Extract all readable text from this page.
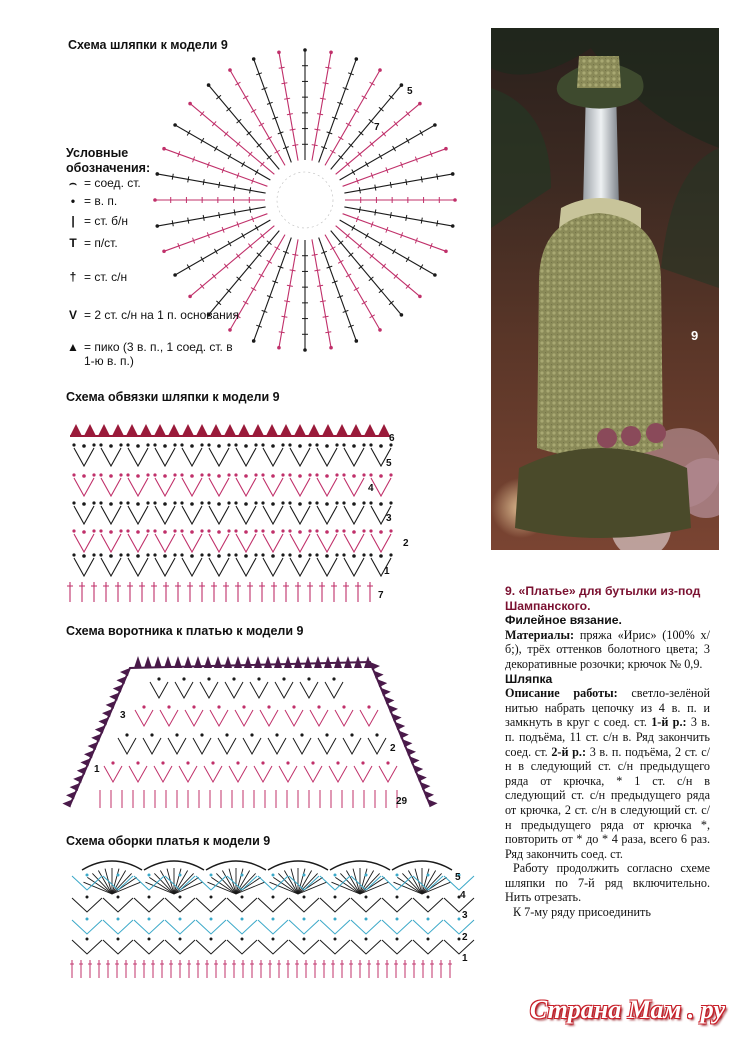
Схема шляпки к модели 9
Схема обвязки шляпки к модели 9
Схема воротника к платью к модели 9
Схема оборки платья к модели 9
5
7
Условные обозначения:
⌢ = соед. ст.
• = в. п.
| = ст. б/н
T = п/ст.
† = ст. с/н
V = 2 ст. с/н на 1 п. основания
▲ = пико (3 в. п., 1 соед. ст. в
1-ю в. п.)
6
5
4
3
2
1
7
1
3
2
29
5
4
3
2
1
9

9. «Платье» для бутылки из-под Шампанского.

Филейное вязание.

Материалы: пряжа «Ирис» (100% х/б;), трёх оттенков болотного цвета; 3 декоративные розочки; крючок № 0,9.

Шляпка

Описание работы: светло-зелёной нитью набрать цепочку из 4 в. п. и замкнуть в круг с соед. ст. 1-й р.: 3 в. п. подъёма, 11 ст. с/н в. Ряд закончить соед. ст. 2-й р.: 3 в. п. подъёма, 2 ст. с/н в следующий ст. с/н предыдущего ряда от крючка, * 1 ст. с/н в следующий ст. с/н предыдущего ряда от крючка, 2 ст. с/н в следующий ст. с/н предыдущего ряда от крючка *, повторить от * до * 4 раза, всего 6 раз. Ряд закончить соед. ст.

Работу продолжить согласно схеме шляпки по 7-й ряд включительно. Нить отрезать.

К 7-му ряду присоединить

Страна Мам . ру
